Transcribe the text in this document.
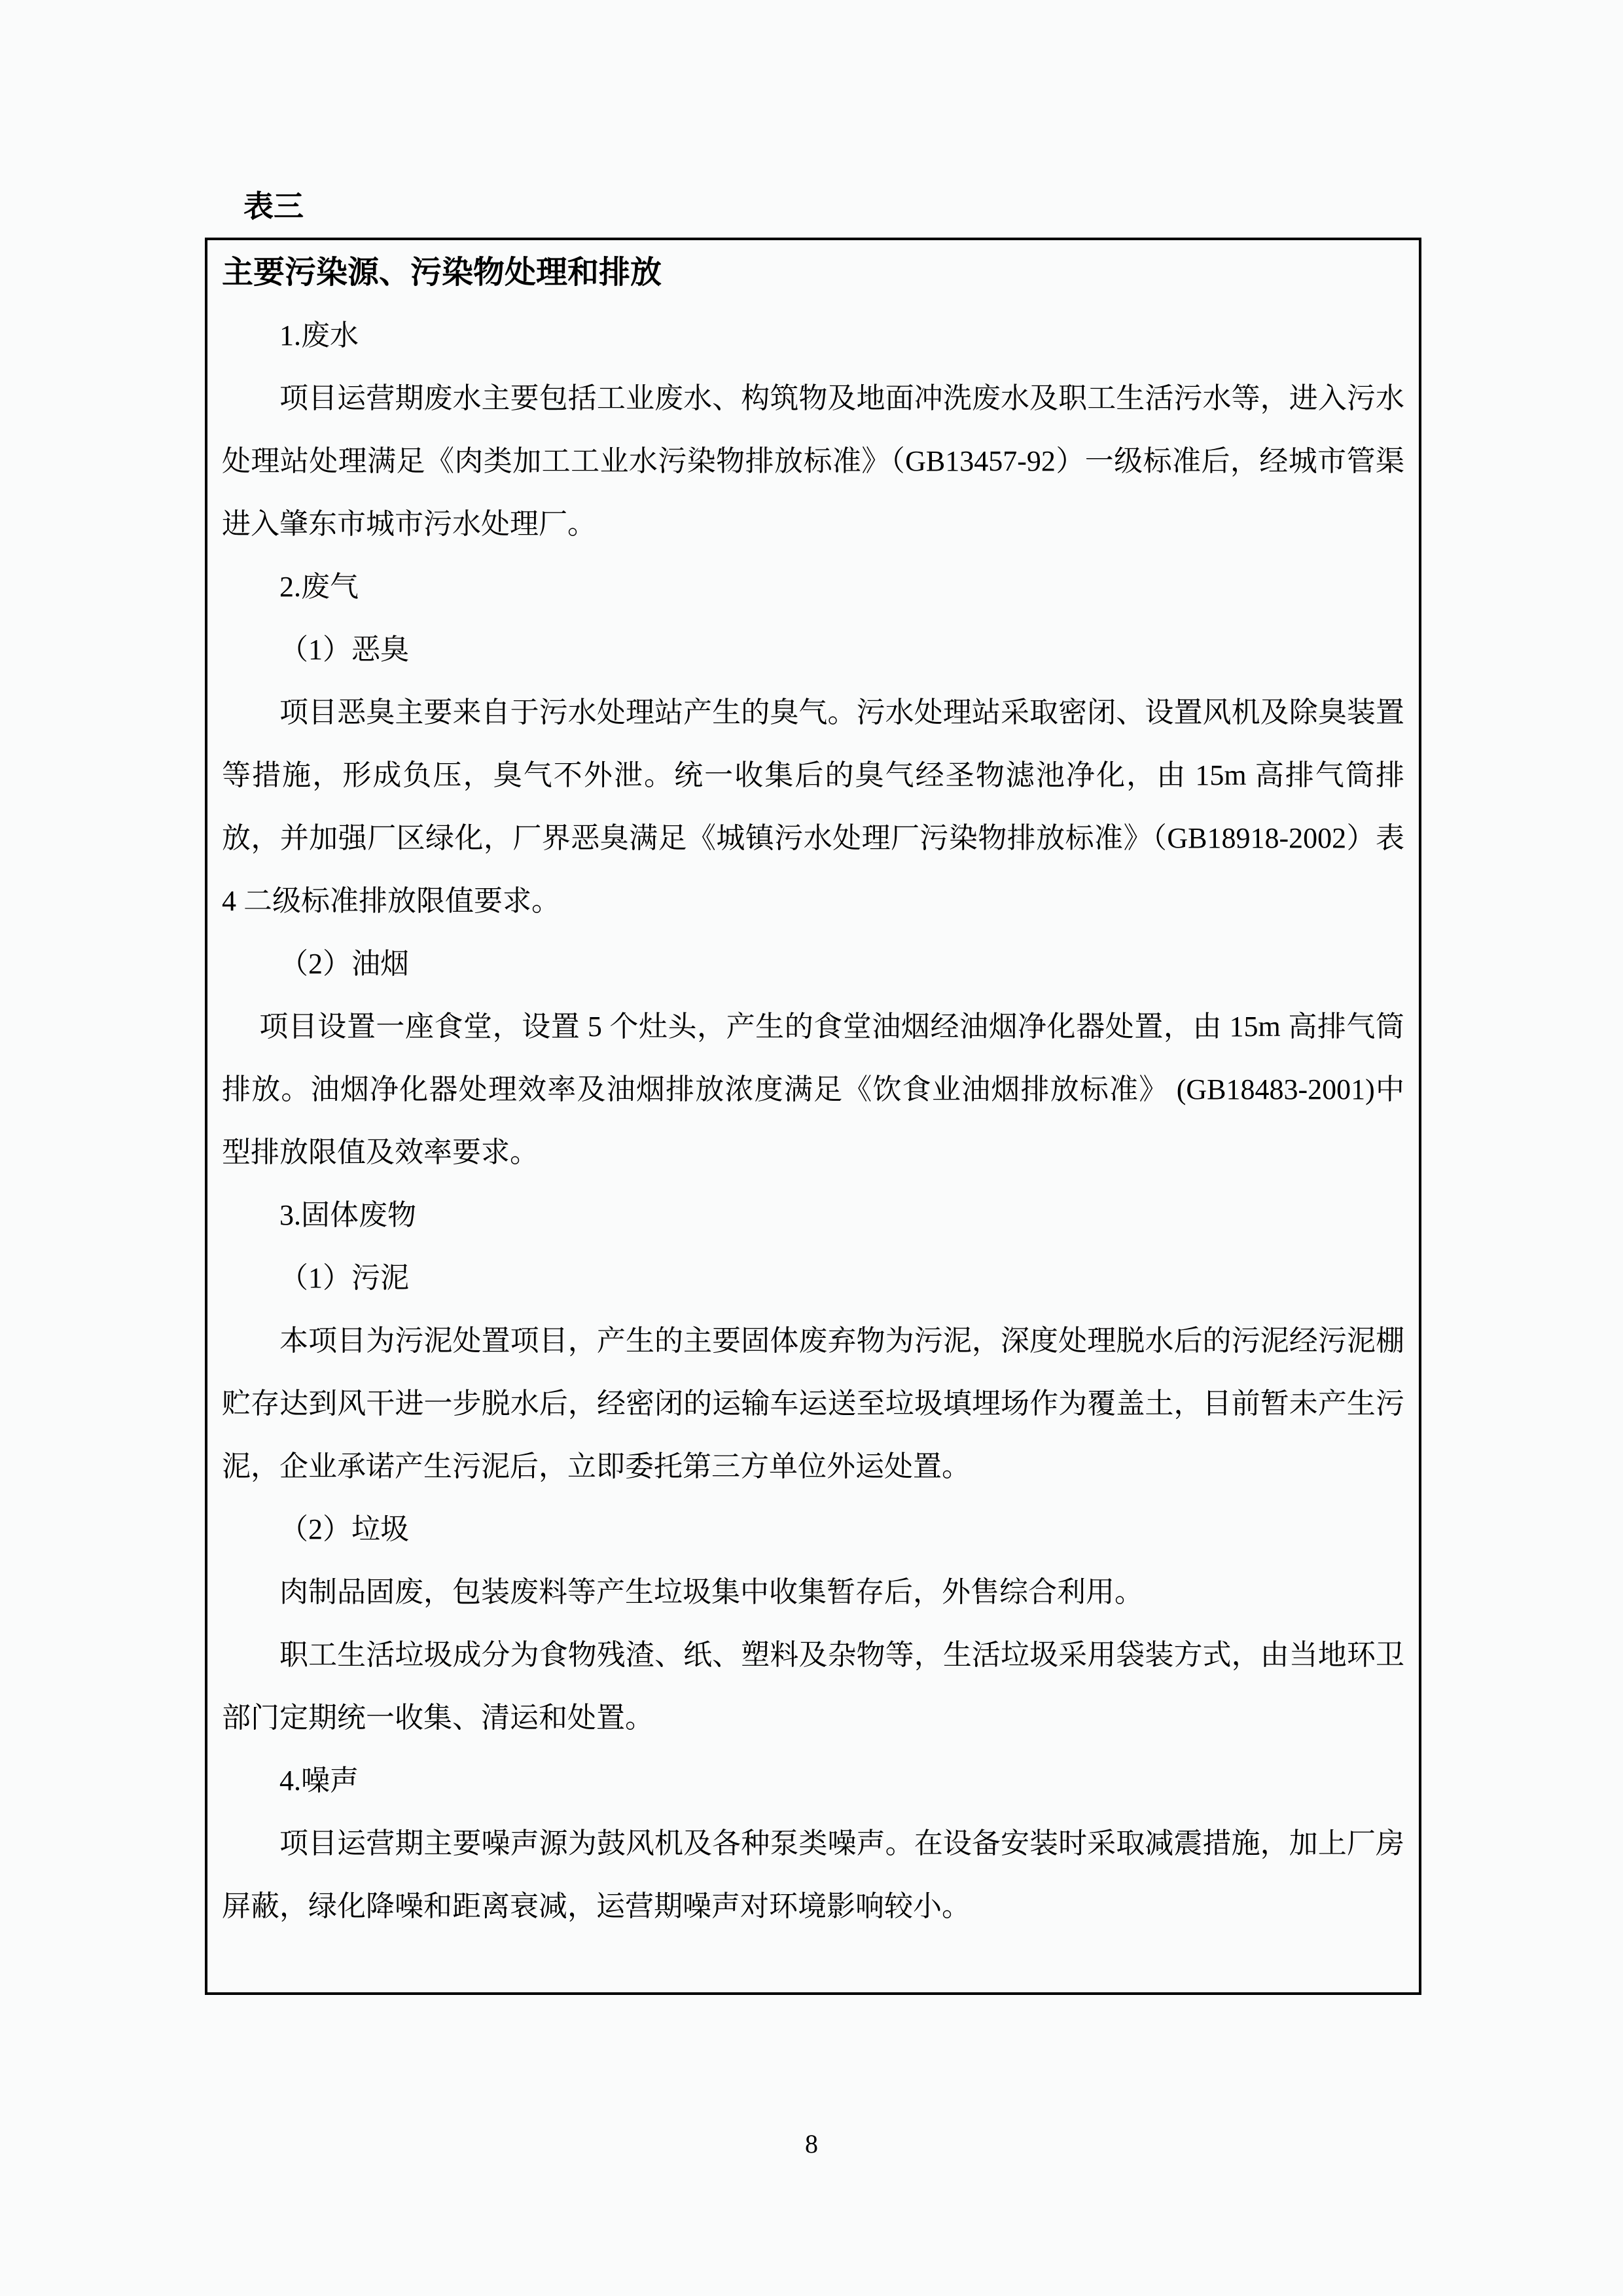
表三
主要污染源、污染物处理和排放

1.废水

项目运营期废水主要包括工业废水、构筑物及地面冲洗废水及职工生活污水等，进入污水处理站处理满足《肉类加工工业水污染物排放标准》（GB13457-92）一级标准后，经城市管渠进入肇东市城市污水处理厂。

2.废气

（1）恶臭

项目恶臭主要来自于污水处理站产生的臭气。污水处理站采取密闭、设置风机及除臭装置等措施，形成负压，臭气不外泄。统一收集后的臭气经圣物滤池净化，由 15m 高排气筒排放，并加强厂区绿化，厂界恶臭满足《城镇污水处理厂污染物排放标准》（GB18918-2002）表 4 二级标准排放限值要求。

（2）油烟

项目设置一座食堂，设置 5 个灶头，产生的食堂油烟经油烟净化器处置，由 15m 高排气筒排放。油烟净化器处理效率及油烟排放浓度满足《饮食业油烟排放标准》 (GB18483-2001)中型排放限值及效率要求。

3.固体废物

（1）污泥

本项目为污泥处置项目，产生的主要固体废弃物为污泥，深度处理脱水后的污泥经污泥棚贮存达到风干进一步脱水后，经密闭的运输车运送至垃圾填埋场作为覆盖土，目前暂未产生污泥，企业承诺产生污泥后，立即委托第三方单位外运处置。

（2）垃圾

肉制品固废，包装废料等产生垃圾集中收集暂存后，外售综合利用。

职工生活垃圾成分为食物残渣、纸、塑料及杂物等，生活垃圾采用袋装方式，由当地环卫部门定期统一收集、清运和处置。

4.噪声

项目运营期主要噪声源为鼓风机及各种泵类噪声。在设备安装时采取减震措施，加上厂房屏蔽，绿化降噪和距离衰减，运营期噪声对环境影响较小。

8
